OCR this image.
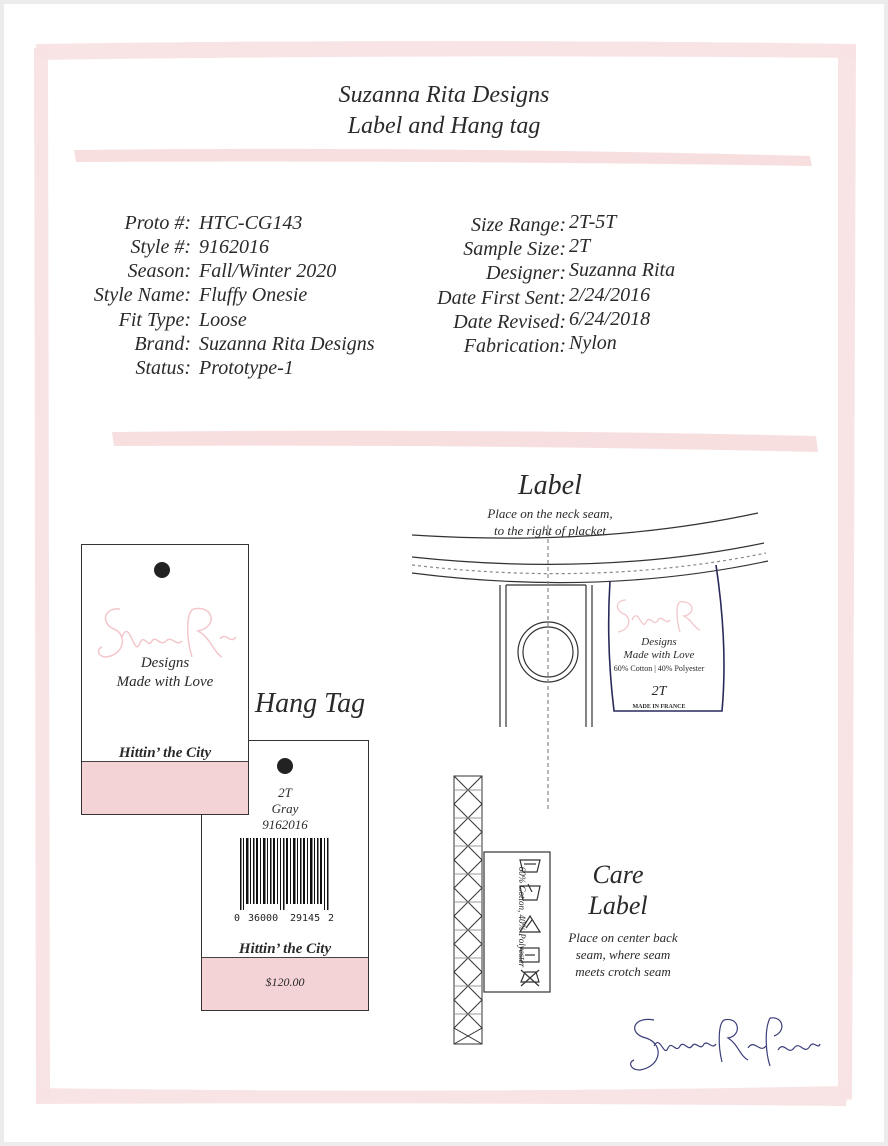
Suzanna Rita Designs
Label and Hang tag
Proto #: HTC-CG143
Style #: 9162016
Season: Fall/Winter 2020
Style Name: Fluffy Onesie
Fit Type: Loose
Brand: Suzanna Rita Designs
Status: Prototype-1
Size Range: 2T-5T
Sample Size: 2T
Designer: Suzanna Rita
Date First Sent: 2/24/2016
Date Revised: 6/24/2018
Fabrication: Nylon
Hang Tag
2T
Gray
9162016
0 36000 29145 2
Hittin’ the City
$120.00
Designs
Made with Love
Hittin’ the City
Label
Place on the neck seam,
to the right of placket
Designs
Made with Love
60% Cotton | 40% Polyester
2T
MADE IN FRANCE
60% Cotton, 40% Polyester	Care
Label
Place on center back
seam, where seam
meets crotch seam
